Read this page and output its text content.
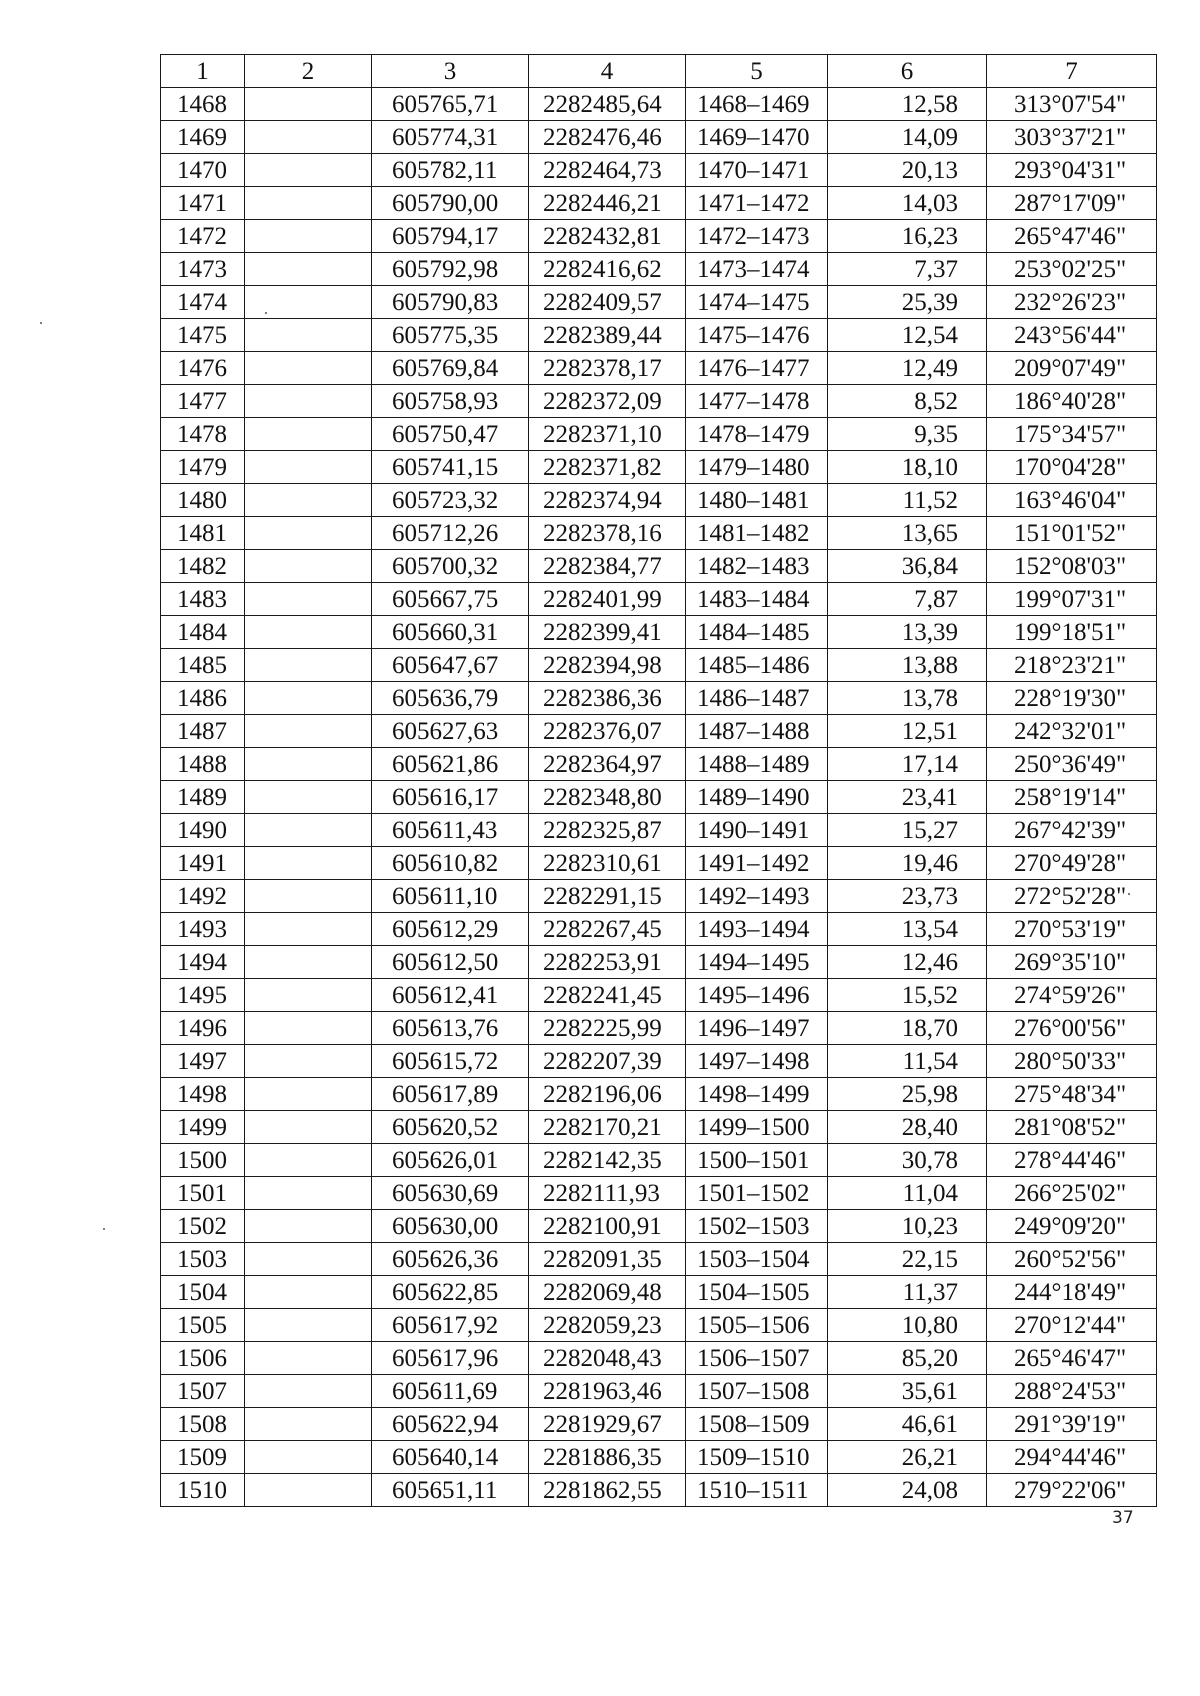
1	2	3	4	5	6	7
1468		605765,71	2282485,64	1468–1469	12,58	313°07'54"
1469		605774,31	2282476,46	1469–1470	14,09	303°37'21"
1470		605782,11	2282464,73	1470–1471	20,13	293°04'31"
1471		605790,00	2282446,21	1471–1472	14,03	287°17'09"
1472		605794,17	2282432,81	1472–1473	16,23	265°47'46"
1473		605792,98	2282416,62	1473–1474	7,37	253°02'25"
1474		605790,83	2282409,57	1474–1475	25,39	232°26'23"
1475		605775,35	2282389,44	1475–1476	12,54	243°56'44"
1476		605769,84	2282378,17	1476–1477	12,49	209°07'49"
1477		605758,93	2282372,09	1477–1478	8,52	186°40'28"
1478		605750,47	2282371,10	1478–1479	9,35	175°34'57"
1479		605741,15	2282371,82	1479–1480	18,10	170°04'28"
1480		605723,32	2282374,94	1480–1481	11,52	163°46'04"
1481		605712,26	2282378,16	1481–1482	13,65	151°01'52"
1482		605700,32	2282384,77	1482–1483	36,84	152°08'03"
1483		605667,75	2282401,99	1483–1484	7,87	199°07'31"
1484		605660,31	2282399,41	1484–1485	13,39	199°18'51"
1485		605647,67	2282394,98	1485–1486	13,88	218°23'21"
1486		605636,79	2282386,36	1486–1487	13,78	228°19'30"
1487		605627,63	2282376,07	1487–1488	12,51	242°32'01"
1488		605621,86	2282364,97	1488–1489	17,14	250°36'49"
1489		605616,17	2282348,80	1489–1490	23,41	258°19'14"
1490		605611,43	2282325,87	1490–1491	15,27	267°42'39"
1491		605610,82	2282310,61	1491–1492	19,46	270°49'28"
1492		605611,10	2282291,15	1492–1493	23,73	272°52'28"
1493		605612,29	2282267,45	1493–1494	13,54	270°53'19"
1494		605612,50	2282253,91	1494–1495	12,46	269°35'10"
1495		605612,41	2282241,45	1495–1496	15,52	274°59'26"
1496		605613,76	2282225,99	1496–1497	18,70	276°00'56"
1497		605615,72	2282207,39	1497–1498	11,54	280°50'33"
1498		605617,89	2282196,06	1498–1499	25,98	275°48'34"
1499		605620,52	2282170,21	1499–1500	28,40	281°08'52"
1500		605626,01	2282142,35	1500–1501	30,78	278°44'46"
1501		605630,69	2282111,93	1501–1502	11,04	266°25'02"
1502		605630,00	2282100,91	1502–1503	10,23	249°09'20"
1503		605626,36	2282091,35	1503–1504	22,15	260°52'56"
1504		605622,85	2282069,48	1504–1505	11,37	244°18'49"
1505		605617,92	2282059,23	1505–1506	10,80	270°12'44"
1506		605617,96	2282048,43	1506–1507	85,20	265°46'47"
1507		605611,69	2281963,46	1507–1508	35,61	288°24'53"
1508		605622,94	2281929,67	1508–1509	46,61	291°39'19"
1509		605640,14	2281886,35	1509–1510	26,21	294°44'46"
1510		605651,11	2281862,55	1510–1511	24,08	279°22'06"
37
